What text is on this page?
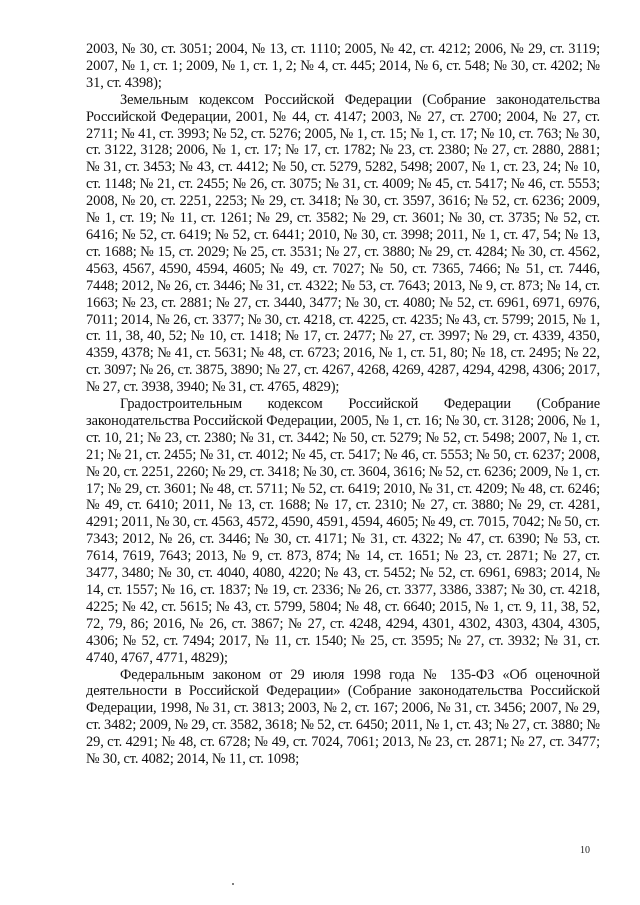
2003, № 30, ст. 3051; 2004, № 13, ст. 1110; 2005, № 42, ст. 4212; 2006, № 29, ст. 3119; 2007, № 1, ст. 1; 2009, № 1, ст. 1, 2; № 4, ст. 445; 2014, № 6, ст. 548; № 30, ст. 4202; № 31, ст. 4398);

Земельным кодексом Российской Федерации (Собрание законодательства Российской Федерации, 2001, № 44, ст. 4147; 2003, № 27, ст. 2700; 2004, № 27, ст. 2711; № 41, ст. 3993; № 52, ст. 5276; 2005, № 1, ст. 15; № 1, ст. 17; № 10, ст. 763; № 30, ст. 3122, 3128; 2006, № 1, ст. 17; № 17, ст. 1782; № 23, ст. 2380; № 27, ст. 2880, 2881; № 31, ст. 3453; № 43, ст. 4412; № 50, ст. 5279, 5282, 5498; 2007, № 1, ст. 23, 24; № 10, ст. 1148; № 21, ст. 2455; № 26, ст. 3075; № 31, ст. 4009; № 45, ст. 5417; № 46, ст. 5553; 2008, № 20, ст. 2251, 2253; № 29, ст. 3418; № 30, ст. 3597, 3616; № 52, ст. 6236; 2009, № 1, ст. 19; № 11, ст. 1261; № 29, ст. 3582; № 29, ст. 3601; № 30, ст. 3735; № 52, ст. 6416; № 52, ст. 6419; № 52, ст. 6441; 2010, № 30, ст. 3998; 2011, № 1, ст. 47, 54; № 13, ст. 1688; № 15, ст. 2029; № 25, ст. 3531; № 27, ст. 3880; № 29, ст. 4284; № 30, ст. 4562, 4563, 4567, 4590, 4594, 4605; № 49, ст. 7027; № 50, ст. 7365, 7466; № 51, ст. 7446, 7448; 2012, № 26, ст. 3446; № 31, ст. 4322; № 53, ст. 7643; 2013, № 9, ст. 873; № 14, ст. 1663; № 23, ст. 2881; № 27, ст. 3440, 3477; № 30, ст. 4080; № 52, ст. 6961, 6971, 6976, 7011; 2014, № 26, ст. 3377; № 30, ст. 4218, ст. 4225, ст. 4235; № 43, ст. 5799; 2015, № 1, ст. 11, 38, 40, 52; № 10, ст. 1418; № 17, ст. 2477; № 27, ст. 3997; № 29, ст. 4339, 4350, 4359, 4378; № 41, ст. 5631; № 48, ст. 6723; 2016, № 1, ст. 51, 80; № 18, ст. 2495; № 22, ст. 3097; № 26, ст. 3875, 3890; № 27, ст. 4267, 4268, 4269, 4287, 4294, 4298, 4306; 2017, № 27, ст. 3938, 3940; № 31, ст. 4765, 4829);

Градостроительным кодексом Российской Федерации (Собрание законодательства Российской Федерации, 2005, № 1, ст. 16; № 30, ст. 3128; 2006, № 1, ст. 10, 21; № 23, ст. 2380; № 31, ст. 3442; № 50, ст. 5279; № 52, ст. 5498; 2007, № 1, ст. 21; № 21, ст. 2455; № 31, ст. 4012; № 45, ст. 5417; № 46, ст. 5553; № 50, ст. 6237; 2008, № 20, ст. 2251, 2260; № 29, ст. 3418; № 30, ст. 3604, 3616; № 52, ст. 6236; 2009, № 1, ст. 17; № 29, ст. 3601; № 48, ст. 5711; № 52, ст. 6419; 2010, № 31, ст. 4209; № 48, ст. 6246; № 49, ст. 6410; 2011, № 13, ст. 1688; № 17, ст. 2310; № 27, ст. 3880; № 29, ст. 4281, 4291; 2011, № 30, ст. 4563, 4572, 4590, 4591, 4594, 4605; № 49, ст. 7015, 7042; № 50, ст. 7343; 2012, № 26, ст. 3446; № 30, ст. 4171; № 31, ст. 4322; № 47, ст. 6390; № 53, ст. 7614, 7619, 7643; 2013, № 9, ст. 873, 874; № 14, ст. 1651; № 23, ст. 2871; № 27, ст. 3477, 3480; № 30, ст. 4040, 4080, 4220; № 43, ст. 5452; № 52, ст. 6961, 6983; 2014, № 14, ст. 1557; № 16, ст. 1837; № 19, ст. 2336; № 26, ст. 3377, 3386, 3387; № 30, ст. 4218, 4225; № 42, ст. 5615; № 43, ст. 5799, 5804; № 48, ст. 6640; 2015, № 1, ст. 9, 11, 38, 52, 72, 79, 86; 2016, № 26, ст. 3867; № 27, ст. 4248, 4294, 4301, 4302, 4303, 4304, 4305, 4306; № 52, ст. 7494; 2017, № 11, ст. 1540; № 25, ст. 3595; № 27, ст. 3932; № 31, ст. 4740, 4767, 4771, 4829);

Федеральным законом от 29 июля 1998 года № 135-ФЗ «Об оценочной деятельности в Российской Федерации» (Собрание законодательства Российской Федерации, 1998, № 31, ст. 3813; 2003, № 2, ст. 167; 2006, № 31, ст. 3456; 2007, № 29, ст. 3482; 2009, № 29, ст. 3582, 3618; № 52, ст. 6450; 2011, № 1, ст. 43; № 27, ст. 3880; № 29, ст. 4291; № 48, ст. 6728; № 49, ст. 7024, 7061; 2013, № 23, ст. 2871; № 27, ст. 3477; № 30, ст. 4082; 2014, № 11, ст. 1098;

10
